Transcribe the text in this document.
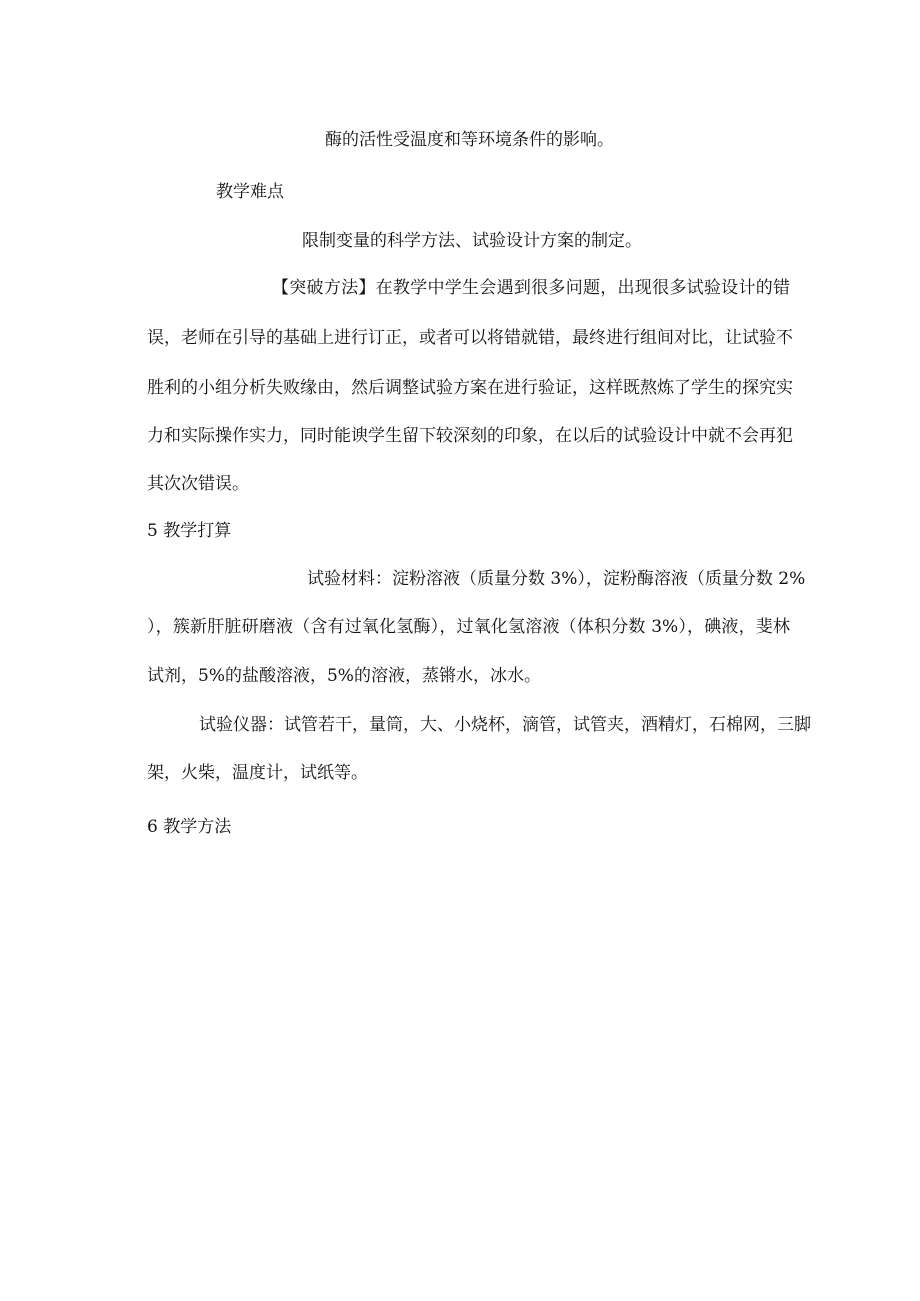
酶的活性受温度和等环境条件的影响。
教学难点
限制变量的科学方法、试验设计方案的制定。
【突破方法】在教学中学生会遇到很多问题，出现很多试验设计的错
误，老师在引导的基础上进行订正，或者可以将错就错，最终进行组间对比，让试验不
胜利的小组分析失败缘由，然后调整试验方案在进行验证，这样既熬炼了学生的探究实
力和实际操作实力，同时能谀学生留下较深刻的印象，在以后的试验设计中就不会再犯
其次次错误。
5 教学打算
试验材料：淀粉溶液（质量分数 3%），淀粉酶溶液（质量分数 2%
），簇新肝脏研磨液（含有过氧化氢酶），过氧化氢溶液（体积分数 3%），碘液，斐林
试剂，5%的盐酸溶液，5%的溶液，蒸锵水，冰水。
试验仪器：试管若干，量筒，大、小烧杯，滴管，试管夹，酒精灯，石棉网，三脚
架，火柴，温度计，试纸等。
6 教学方法
